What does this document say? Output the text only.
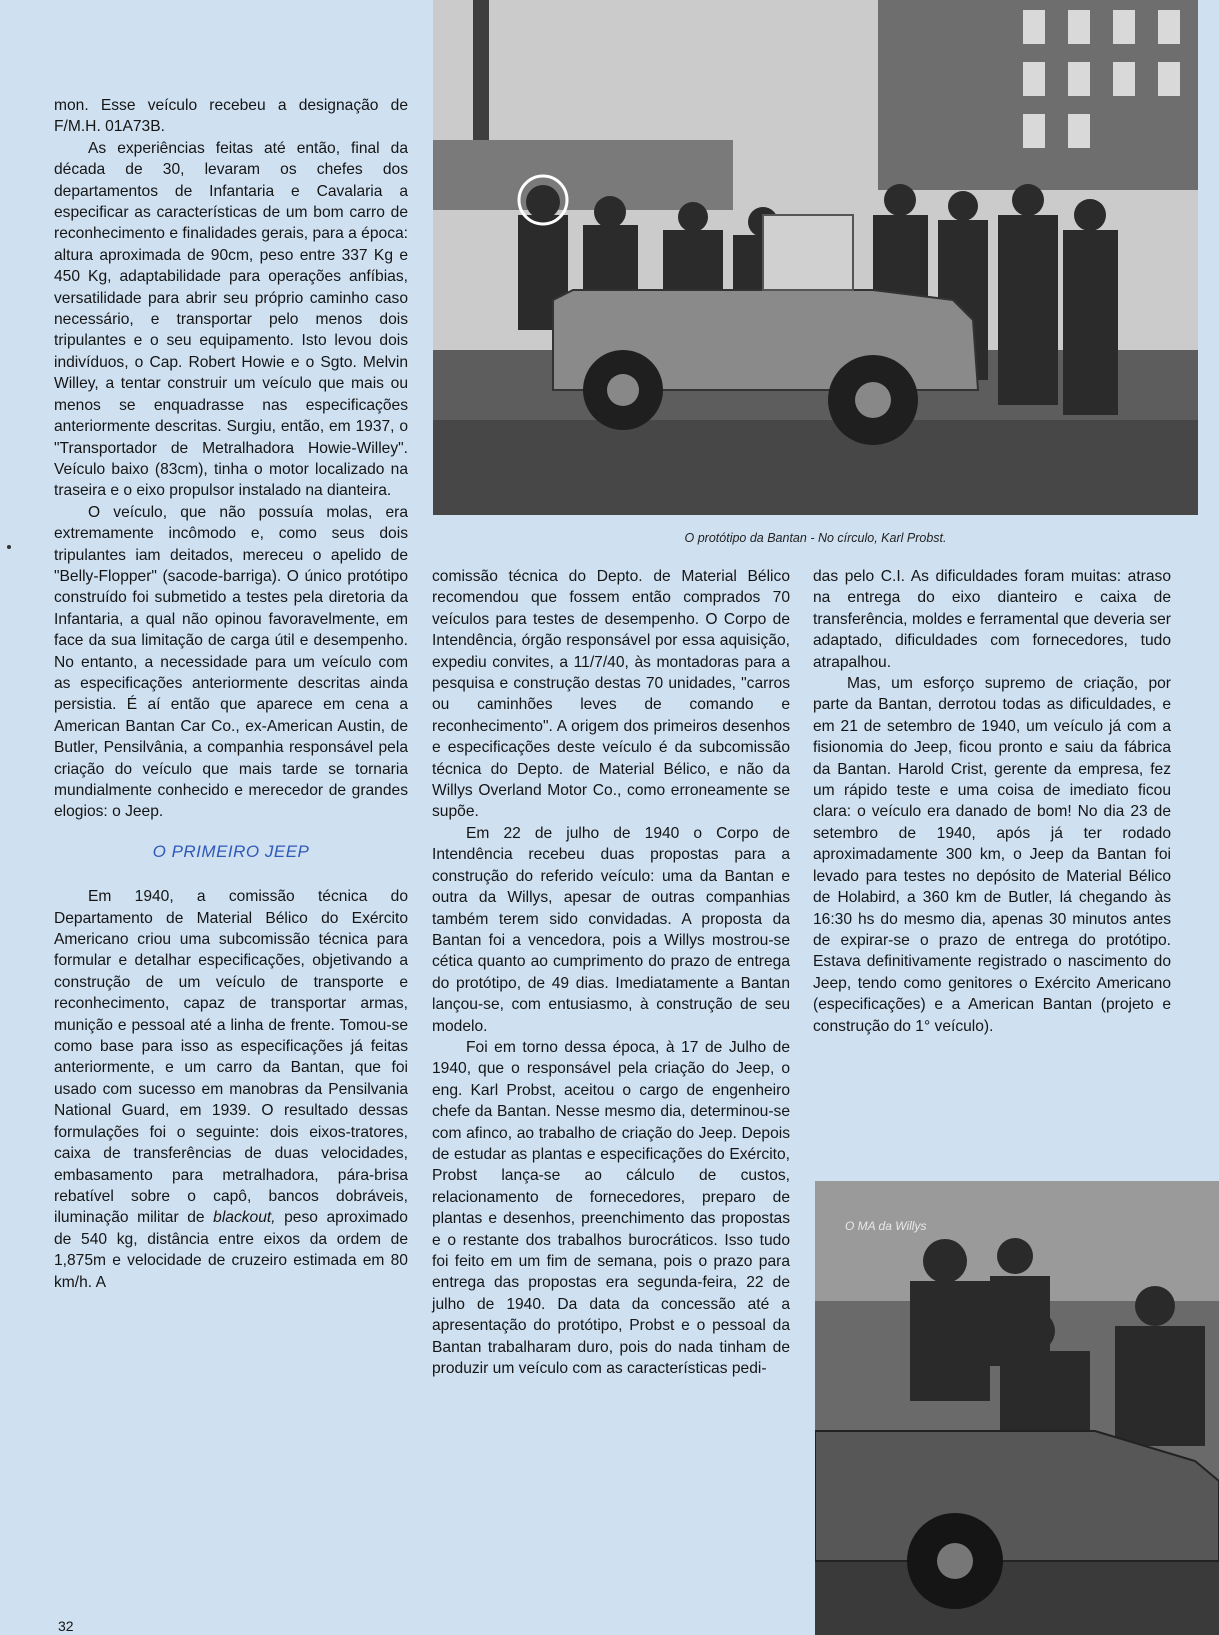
mon. Esse veículo recebeu a designação de F/M.H. 01A73B.

As experiências feitas até então, final da década de 30, levaram os chefes dos departamentos de Infantaria e Cavalaria a especificar as características de um bom carro de reconhecimento e finalidades gerais, para a época: altura aproximada de 90cm, peso entre 337 Kg e 450 Kg, adaptabilidade para operações anfíbias, versatilidade para abrir seu próprio caminho caso necessário, e transportar pelo menos dois tripulantes e o seu equipamento. Isto levou dois indivíduos, o Cap. Robert Howie e o Sgto. Melvin Willey, a tentar construir um veículo que mais ou menos se enquadrasse nas especificações anteriormente descritas. Surgiu, então, em 1937, o "Transportador de Metralhadora Howie-Willey". Veículo baixo (83cm), tinha o motor localizado na traseira e o eixo propulsor instalado na dianteira.

O veículo, que não possuía molas, era extremamente incômodo e, como seus dois tripulantes iam deitados, mereceu o apelido de "Belly-Flopper" (sacode-barriga). O único protótipo construído foi submetido a testes pela diretoria da Infantaria, a qual não opinou favoravelmente, em face da sua limitação de carga útil e desempenho. No entanto, a necessidade para um veículo com as especificações anteriormente descritas ainda persistia. É aí então que aparece em cena a American Bantan Car Co., ex-American Austin, de Butler, Pensilvânia, a companhia responsável pela criação do veículo que mais tarde se tornaria mundialmente conhecido e merecedor de grandes elogios: o Jeep.

O PRIMEIRO JEEP

Em 1940, a comissão técnica do Departamento de Material Bélico do Exército Americano criou uma subcomissão técnica para formular e detalhar especificações, objetivando a construção de um veículo de transporte e reconhecimento, capaz de transportar armas, munição e pessoal até a linha de frente. Tomou-se como base para isso as especificações já feitas anteriormente, e um carro da Bantan, que foi usado com sucesso em manobras da Pensilvania National Guard, em 1939. O resultado dessas formulações foi o seguinte: dois eixos-tratores, caixa de transferências de duas velocidades, embasamento para metralhadora, pára-brisa rebatível sobre o capô, bancos dobráveis, iluminação militar de blackout, peso aproximado de 540 kg, distância entre eixos da ordem de 1,875m e velocidade de cruzeiro estimada em 80 km/h. A

O protótipo da Bantan - No círculo, Karl Probst.

comissão técnica do Depto. de Material Bélico recomendou que fossem então comprados 70 veículos para testes de desempenho. O Corpo de Intendência, órgão responsável por essa aquisição, expediu convites, a 11/7/40, às montadoras para a pesquisa e construção destas 70 unidades, "carros ou caminhões leves de comando e reconhecimento". A origem dos primeiros desenhos e especificações deste veículo é da subcomissão técnica do Depto. de Material Bélico, e não da Willys Overland Motor Co., como erroneamente se supõe.

Em 22 de julho de 1940 o Corpo de Intendência recebeu duas propostas para a construção do referido veículo: uma da Bantan e outra da Willys, apesar de outras companhias também terem sido convidadas. A proposta da Bantan foi a vencedora, pois a Willys mostrou-se cética quanto ao cumprimento do prazo de entrega do protótipo, de 49 dias. Imediatamente a Bantan lançou-se, com entusiasmo, à construção de seu modelo.

Foi em torno dessa época, à 17 de Julho de 1940, que o responsável pela criação do Jeep, o eng. Karl Probst, aceitou o cargo de engenheiro chefe da Bantan. Nesse mesmo dia, determinou-se com afinco, ao trabalho de criação do Jeep. Depois de estudar as plantas e especificações do Exército, Probst lança-se ao cálculo de custos, relacionamento de fornecedores, preparo de plantas e desenhos, preenchimento das propostas e o restante dos trabalhos burocráticos. Isso tudo foi feito em um fim de semana, pois o prazo para entrega das propostas era segunda-feira, 22 de julho de 1940. Da data da concessão até a apresentação do protótipo, Probst e o pessoal da Bantan trabalharam duro, pois do nada tinham de produzir um veículo com as características pedi-

das pelo C.I. As dificuldades foram muitas: atraso na entrega do eixo dianteiro e caixa de transferência, moldes e ferramental que deveria ser adaptado, dificuldades com fornecedores, tudo atrapalhou.

Mas, um esforço supremo de criação, por parte da Bantan, derrotou todas as dificuldades, e em 21 de setembro de 1940, um veículo já com a fisionomia do Jeep, ficou pronto e saiu da fábrica da Bantan. Harold Crist, gerente da empresa, fez um rápido teste e uma coisa de imediato ficou clara: o veículo era danado de bom! No dia 23 de setembro de 1940, após já ter rodado aproximadamente 300 km, o Jeep da Bantan foi levado para testes no depósito de Material Bélico de Holabird, a 360 km de Butler, lá chegando às 16:30 hs do mesmo dia, apenas 30 minutos antes de expirar-se o prazo de entrega do protótipo. Estava definitivamente registrado o nascimento do Jeep, tendo como genitores o Exército Americano (especificações) e a American Bantan (projeto e construção do 1° veículo).

O MA da Willys
32
